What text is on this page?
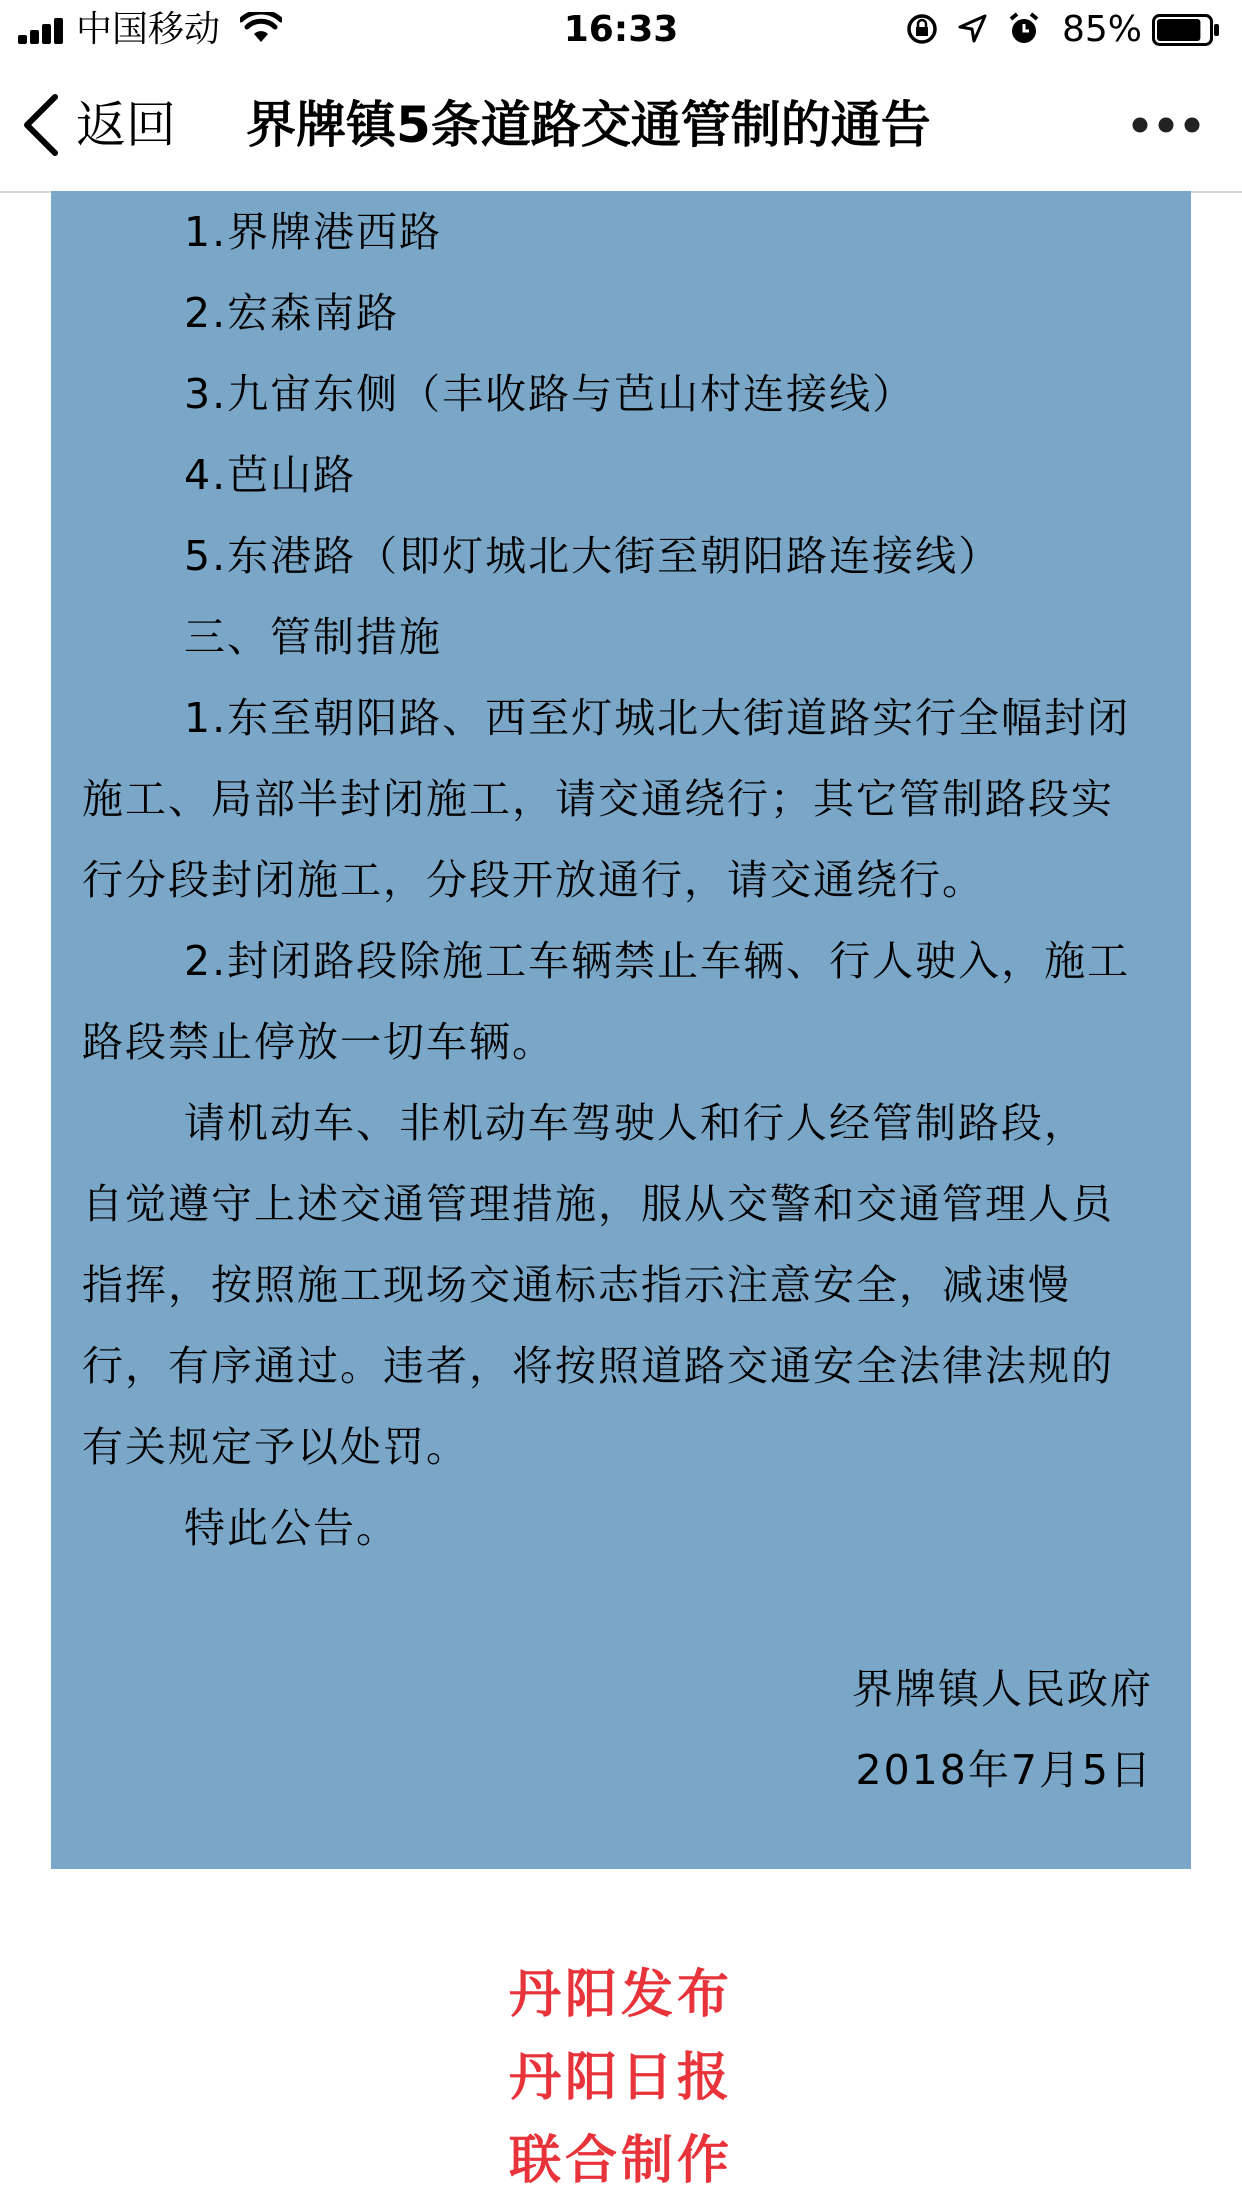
中国移动	16:33	85%
返回 界牌镇5条道路交通管制的通告
1.界牌港西路
2.宏森南路
3.九宙东侧（丰收路与芭山村连接线）
4.芭山路
5.东港路（即灯城北大街至朝阳路连接线）
三、管制措施
1.东至朝阳路、西至灯城北大街道路实行全幅封闭
施工、局部半封闭施工，请交通绕行；其它管制路段实
行分段封闭施工，分段开放通行，请交通绕行。
2.封闭路段除施工车辆禁止车辆、行人驶入，施工
路段禁止停放一切车辆。
请机动车、非机动车驾驶人和行人经管制路段，
自觉遵守上述交通管理措施，服从交警和交通管理人员
指挥，按照施工现场交通标志指示注意安全，减速慢
行，有序通过。违者，将按照道路交通安全法律法规的
有关规定予以处罚。
特此公告。
界牌镇人民政府
2018年7月5日
丹阳发布
丹阳日报
联合制作
